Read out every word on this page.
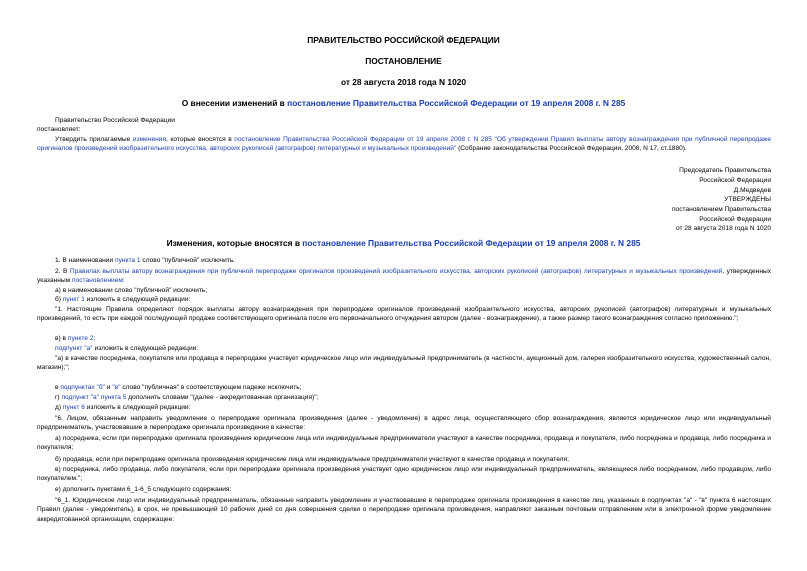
ПРАВИТЕЛЬСТВО РОССИЙСКОЙ ФЕДЕРАЦИИ
ПОСТАНОВЛЕНИЕ
от 28 августа 2018 года N 1020
О внесении изменений в постановление Правительства Российской Федерации от 19 апреля 2008 г. N 285
Правительство Российской Федерации
постановляет:
Утвердить прилагаемые изменения, которые вносятся в постановление Правительства Российской Федерации от 19 апреля 2008 г. N 285 "Об утверждении Правил выплаты автору вознаграждения при публичной перепродаже оригиналов произведений изобразительного искусства, авторских рукописей (автографов) литературных и музыкальных произведений" (Собрание законодательства Российской Федерации, 2008, N 17, ст.1880).
Председатель Правительства
Российской Федерации
Д.Медведев
УТВЕРЖДЕНЫ
постановлением Правительства
Российской Федерации
от 28 августа 2018 года N 1020
Изменения, которые вносятся в постановление Правительства Российской Федерации от 19 апреля 2008 г. N 285
1. В наименовании пункта 1 слово "публичной" исключить.
2. В Правилах выплаты автору вознаграждения при публичной перепродаже оригиналов произведений изобразительного искусства, авторских рукописей (автографов) литературных и музыкальных произведений, утвержденных указанным постановлением:
а) в наименовании слово "публичной" исключить;
б) пункт 1 изложить в следующей редакции:
"1. Настоящие Правила определяют порядок выплаты автору вознаграждения при перепродаже оригиналов произведений изобразительного искусства, авторских рукописей (автографов) литературных и музыкальных произведений, то есть при каждой последующей продаже соответствующего оригинала после его первоначального отчуждения автором (далее - вознаграждение), а также размер такого вознаграждения согласно приложению.";
в) в пункте 2:
подпункт "а" изложить в следующей редакции:
"а) в качестве посредника, покупателя или продавца в перепродаже участвует юридическое лицо или индивидуальный предприниматель (в частности, аукционный дом, галерея изобразительного искусства, художественный салон, магазин);";
в подпунктах "б" и "в" слово "публичная" в соответствующем падеже исключить;
г) подпункт "а" пункта 5 дополнить словами "(далее - аккредитованная организация)";
д) пункт 6 изложить в следующей редакции:
"6. Лицом, обязанным направить уведомление о перепродаже оригинала произведения (далее - уведомление) в адрес лица, осуществляющего сбор вознаграждения, является юридическое лицо или индивидуальный предприниматель, участвовавшие в перепродаже оригинала произведения в качестве:
а) посредника, если при перепродаже оригинала произведения юридические лица или индивидуальные предприниматели участвуют в качестве посредника, продавца и покупателя, либо посредника и продавца, либо посредника и покупателя;
б) продавца, если при перепродаже оригинала произведения юридические лица или индивидуальные предприниматели участвуют в качестве продавца и покупателя;
в) посредника, либо продавца, либо покупателя, если при перепродаже оригинала произведения участвует одно юридическое лицо или индивидуальный предприниматель, являющиеся либо посредником, либо продавцом, либо покупателем.";
е) дополнить пунктами 6_1-6_5 следующего содержания:
"6_1. Юридическое лицо или индивидуальный предприниматель, обязанные направить уведомление и участвовавшие в перепродаже оригинала произведения в качестве лиц, указанных в подпунктах "а" - "в" пункта 6 настоящих Правил (далее - уведомитель), в срок, не превышающий 10 рабочих дней со дня совершения сделки о перепродаже оригинала произведения, направляют заказным почтовым отправлением или в электронной форме уведомление аккредитованной организации, содержащее:
